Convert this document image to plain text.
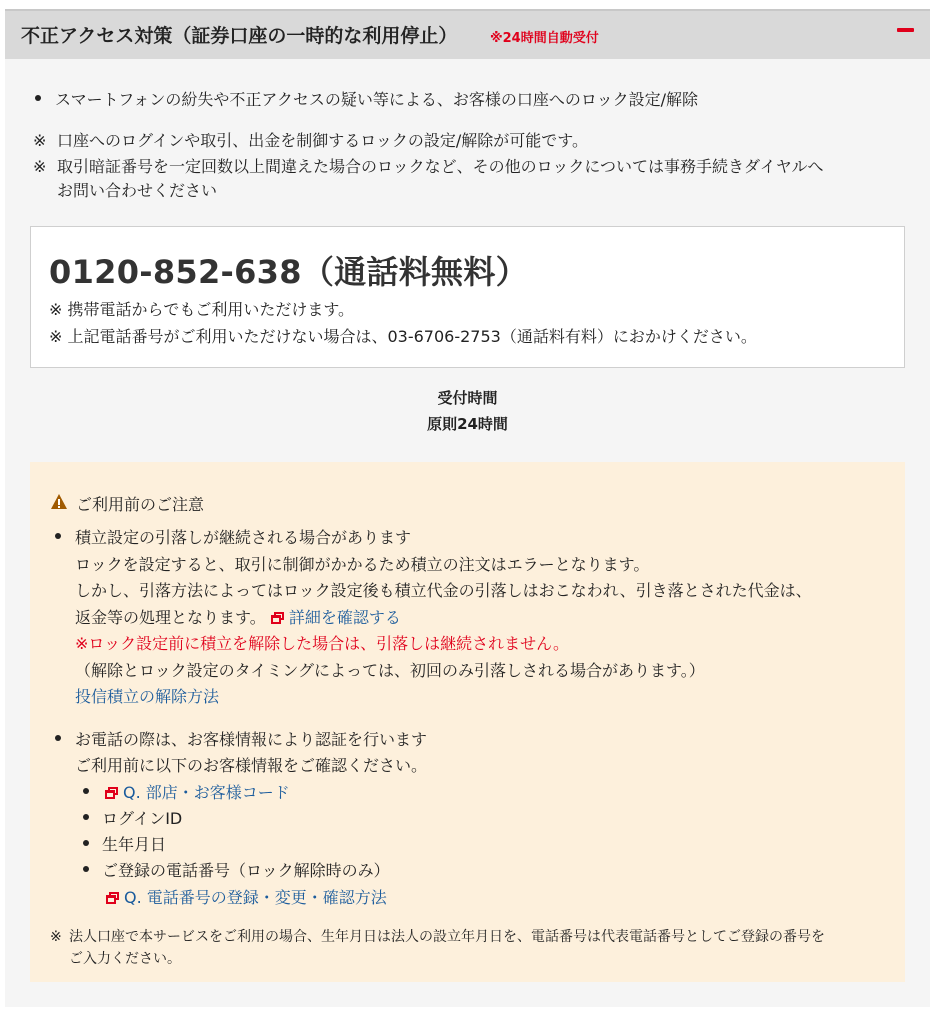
不正アクセス対策（証券口座の一時的な利用停止）	※24時間自動受付
スマートフォンの紛失や不正アクセスの疑い等による、お客様の口座へのロック設定/解除
※ 口座へのログインや取引、出金を制御するロックの設定/解除が可能です。
※ 取引暗証番号を一定回数以上間違えた場合のロックなど、その他のロックについては事務手続きダイヤルへ
お問い合わせください
0120-852-638（通話料無料）
※ 携帯電話からでもご利用いただけます。
※ 上記電話番号がご利用いただけない場合は、03-6706-2753（通話料有料）におかけください。
受付時間
原則24時間
ご利用前のご注意
積立設定の引落しが継続される場合があります
ロックを設定すると、取引に制御がかかるため積立の注文はエラーとなります。
しかし、引落方法によってはロック設定後も積立代金の引落しはおこなわれ、引き落とされた代金は、
返金等の処理となります。 詳細を確認する
※ロック設定前に積立を解除した場合は、引落しは継続されません。
（解除とロック設定のタイミングによっては、初回のみ引落しされる場合があります。）
投信積立の解除方法
お電話の際は、お客様情報により認証を行います
ご利用前に以下のお客様情報をご確認ください。
Q. 部店・お客様コード
ログインID
生年月日
ご登録の電話番号（ロック解除時のみ）
Q. 電話番号の登録・変更・確認方法
※ 法人口座で本サービスをご利用の場合、生年月日は法人の設立年月日を、電話番号は代表電話番号としてご登録の番号を
ご入力ください。
